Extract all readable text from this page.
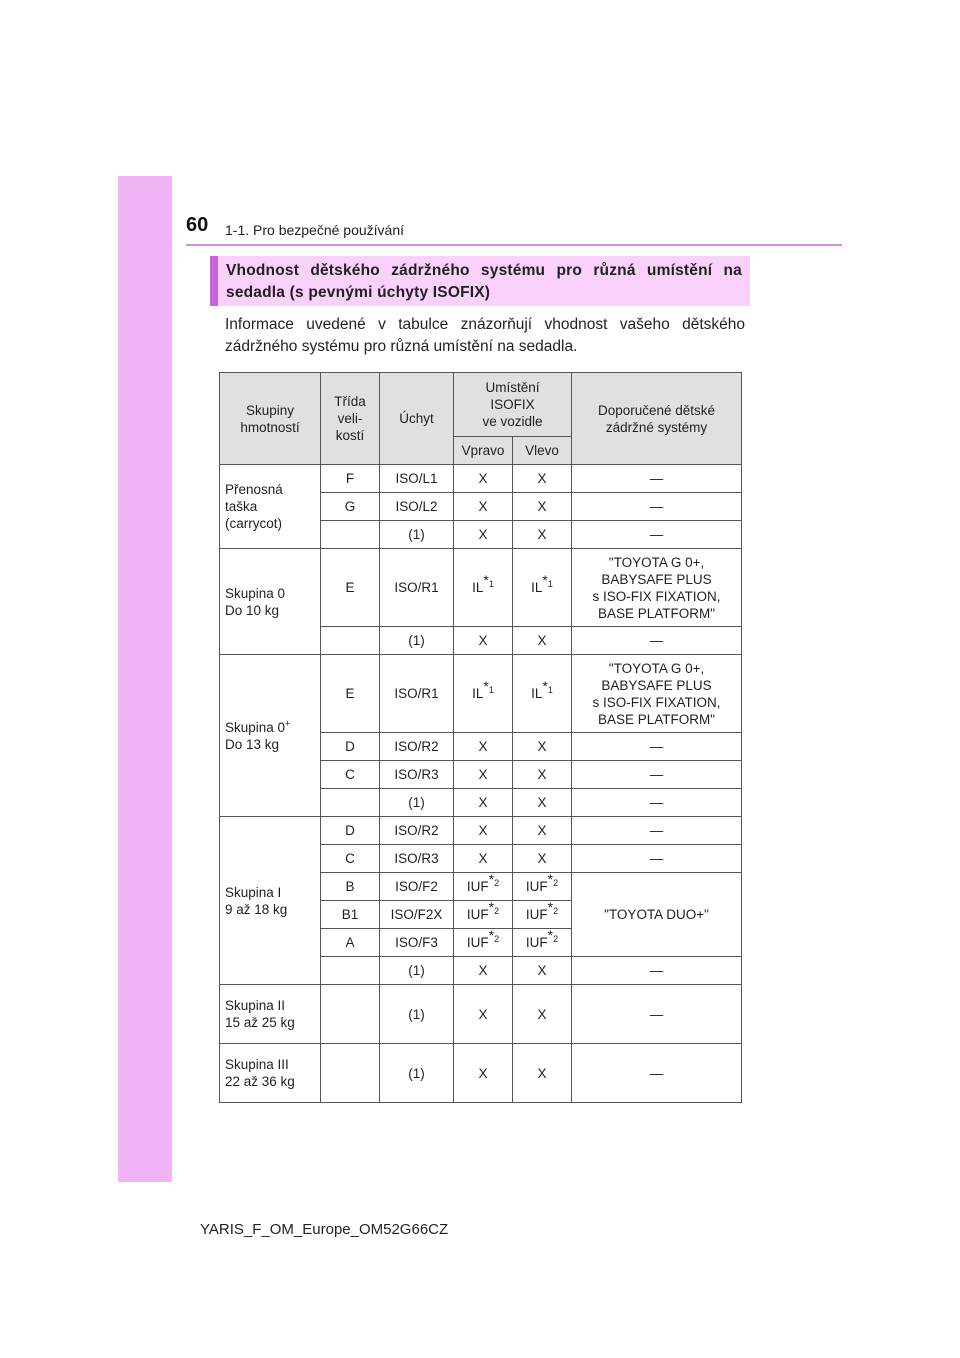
60 1-1. Pro bezpečné používání
Vhodnost dětského zádržného systému pro různá umístění na sedadla (s pevnými úchyty ISOFIX)
Informace uvedené v tabulce znázorňují vhodnost vašeho dětského zádržného systému pro různá umístění na sedadla.
Skupiny
hmotností	Třída
veli-
kostí	Úchyt	Umístění
ISOFIX
ve vozidle		Doporučené dětské
zádržné systémy
			Vpravo	Vlevo	
Přenosná
taška
(carrycot)	F	ISO/L1	X	X	—
	G	ISO/L2	X	X	—
		(1)	X	X	—
Skupina 0
Do 10 kg	E	ISO/R1	IL$^{*1}$	IL$^{*1}$	"TOYOTA G 0+,
BABYSAFE PLUS
s ISO-FIX FIXATION,
BASE PLATFORM"
		(1)	X	X	—
Skupina 0+
Do 13 kg	E	ISO/R1	IL$^{*1}$	IL$^{*1}$	"TOYOTA G 0+,
BABYSAFE PLUS
s ISO-FIX FIXATION,
BASE PLATFORM"
	D	ISO/R2	X	X	—
	C	ISO/R3	X	X	—
		(1)	X	X	—
Skupina I
9 až 18 kg	D	ISO/R2	X	X	—
	C	ISO/R3	X	X	—
	B	ISO/F2	IUF$^{*2}$	IUF$^{*2}$	"TOYOTA DUO+"
	B1	ISO/F2X	IUF$^{*2}$	IUF$^{*2}$
	A	ISO/F3	IUF$^{*2}$	IUF$^{*2}$
		(1)	X	X	—
Skupina II
15 až 25 kg		(1)	X	X	—
Skupina III
22 až 36 kg		(1)	X	X	—
YARIS_F_OM_Europe_OM52G66CZ
